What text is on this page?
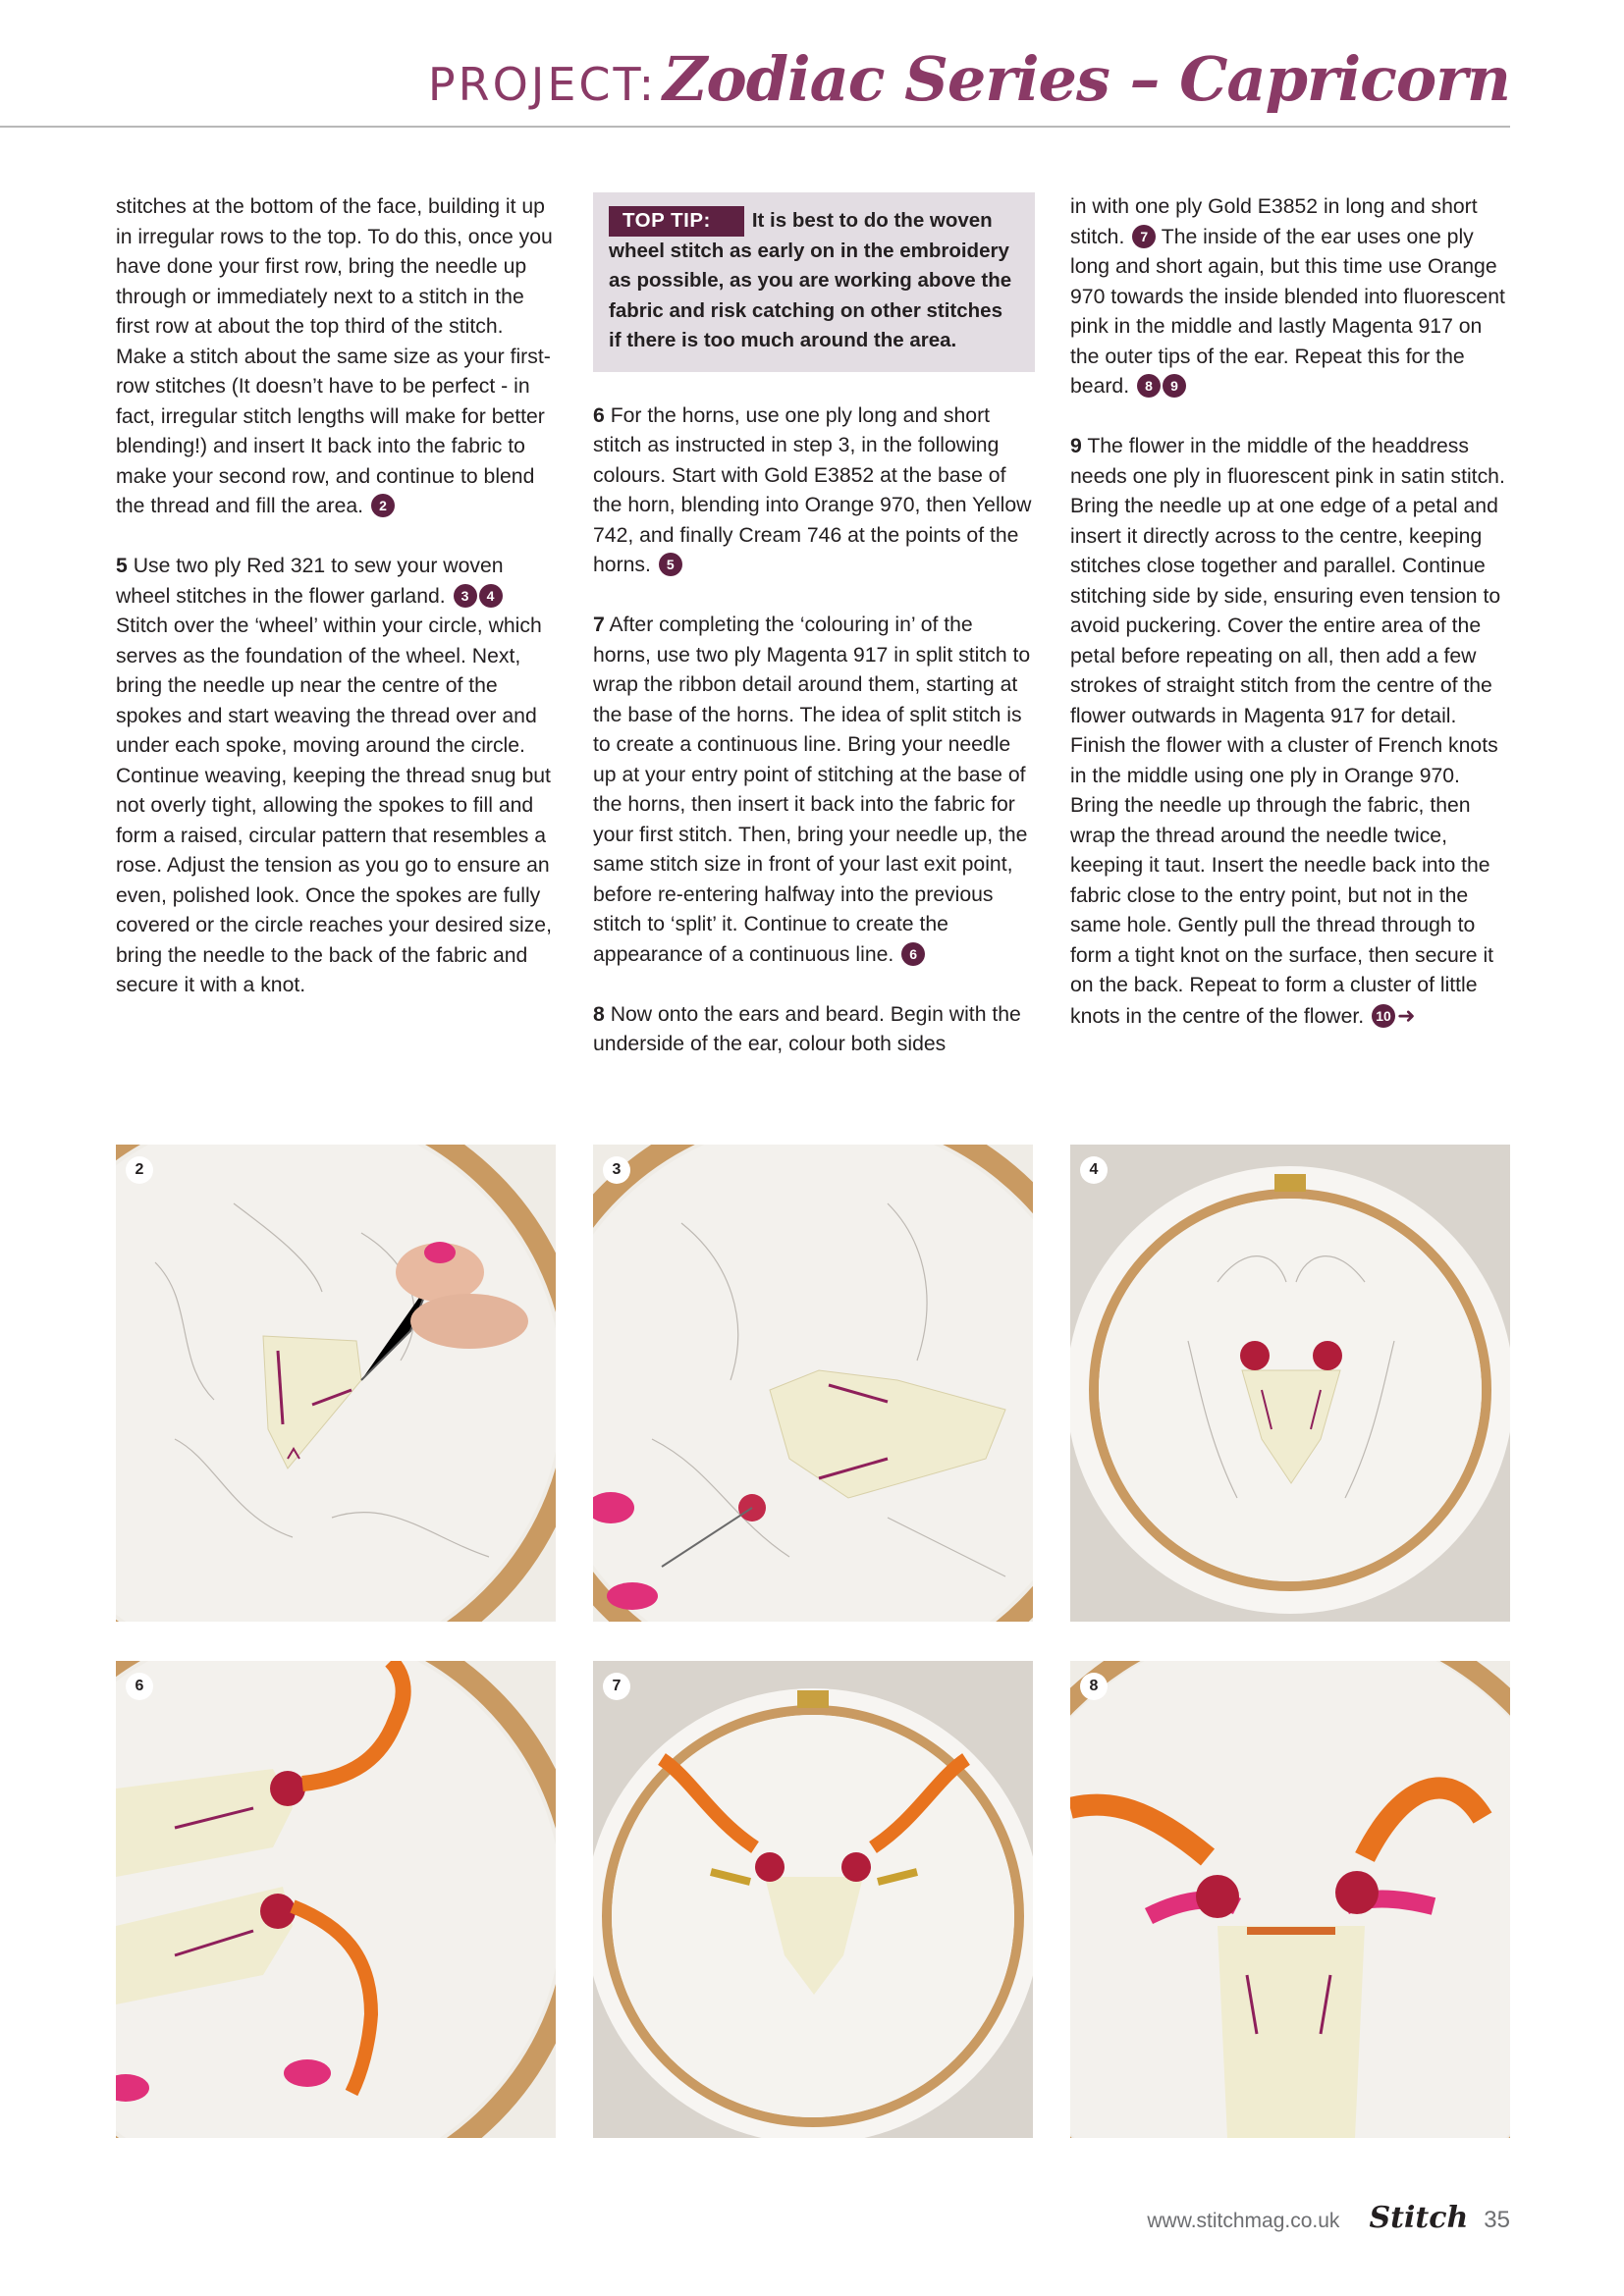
PROJECT:Zodiac Series – Capricorn

stitches at the bottom of the face, building it up in irregular rows to the top. To do this, once you have done your first row, bring the needle up through or immediately next to a stitch in the first row at about the top third of the stitch. Make a stitch about the same size as your first-row stitches (It doesn’t have to be perfect - in fact, irregular stitch lengths will make for better blending!) and insert It back into the fabric to make your second row, and continue to blend the thread and fill the area. 2

5 Use two ply Red 321 to sew your woven wheel stitches in the flower garland. 3 4 Stitch over the ‘wheel’ within your circle, which serves as the foundation of the wheel. Next, bring the needle up near the centre of the spokes and start weaving the thread over and under each spoke, moving around the circle. Continue weaving, keeping the thread snug but not overly tight, allowing the spokes to fill and form a raised, circular pattern that resembles a rose. Adjust the tension as you go to ensure an even, polished look. Once the spokes are fully covered or the circle reaches your desired size, bring the needle to the back of the fabric and secure it with a knot.

TOP TIP: It is best to do the woven wheel stitch as early on in the embroidery as possible, as you are working above the fabric and risk catching on other stitches if there is too much around the area.

6 For the horns, use one ply long and short stitch as instructed in step 3, in the following colours. Start with Gold E3852 at the base of the horn, blending into Orange 970, then Yellow 742, and finally Cream 746 at the points of the horns. 5

7 After completing the ‘colouring in’ of the horns, use two ply Magenta 917 in split stitch to wrap the ribbon detail around them, starting at the base of the horns. The idea of split stitch is to create a continuous line. Bring your needle up at your entry point of stitching at the base of the horns, then insert it back into the fabric for your first stitch. Then, bring your needle up, the same stitch size in front of your last exit point, before re-entering halfway into the previous stitch to ‘split’ it. Continue to create the appearance of a continuous line. 6

8 Now onto the ears and beard. Begin with the underside of the ear, colour both sides

in with one ply Gold E3852 in long and short stitch. 7 The inside of the ear uses one ply long and short again, but this time use Orange 970 towards the inside blended into fluorescent pink in the middle and lastly Magenta 917 on the outer tips of the ear. Repeat this for the beard. 8 9

9 The flower in the middle of the headdress needs one ply in fluorescent pink in satin stitch. Bring the needle up at one edge of a petal and insert it directly across to the centre, keeping stitches close together and parallel. Continue stitching side by side, ensuring even tension to avoid puckering. Cover the entire area of the petal before repeating on all, then add a few strokes of straight stitch from the centre of the flower outwards in Magenta 917 for detail. Finish the flower with a cluster of French knots in the middle using one ply in Orange 970. Bring the needle up through the fabric, then wrap the thread around the needle twice, keeping it taut. Insert the needle back into the fabric close to the entry point, but not in the same hole. Gently pull the thread through to form a tight knot on the surface, then secure it on the back. Repeat to form a cluster of little knots in the centre of the flower. 10 ➜

2	3	4
6	7	8
www.stitchmag.co.uk Stitch 35
